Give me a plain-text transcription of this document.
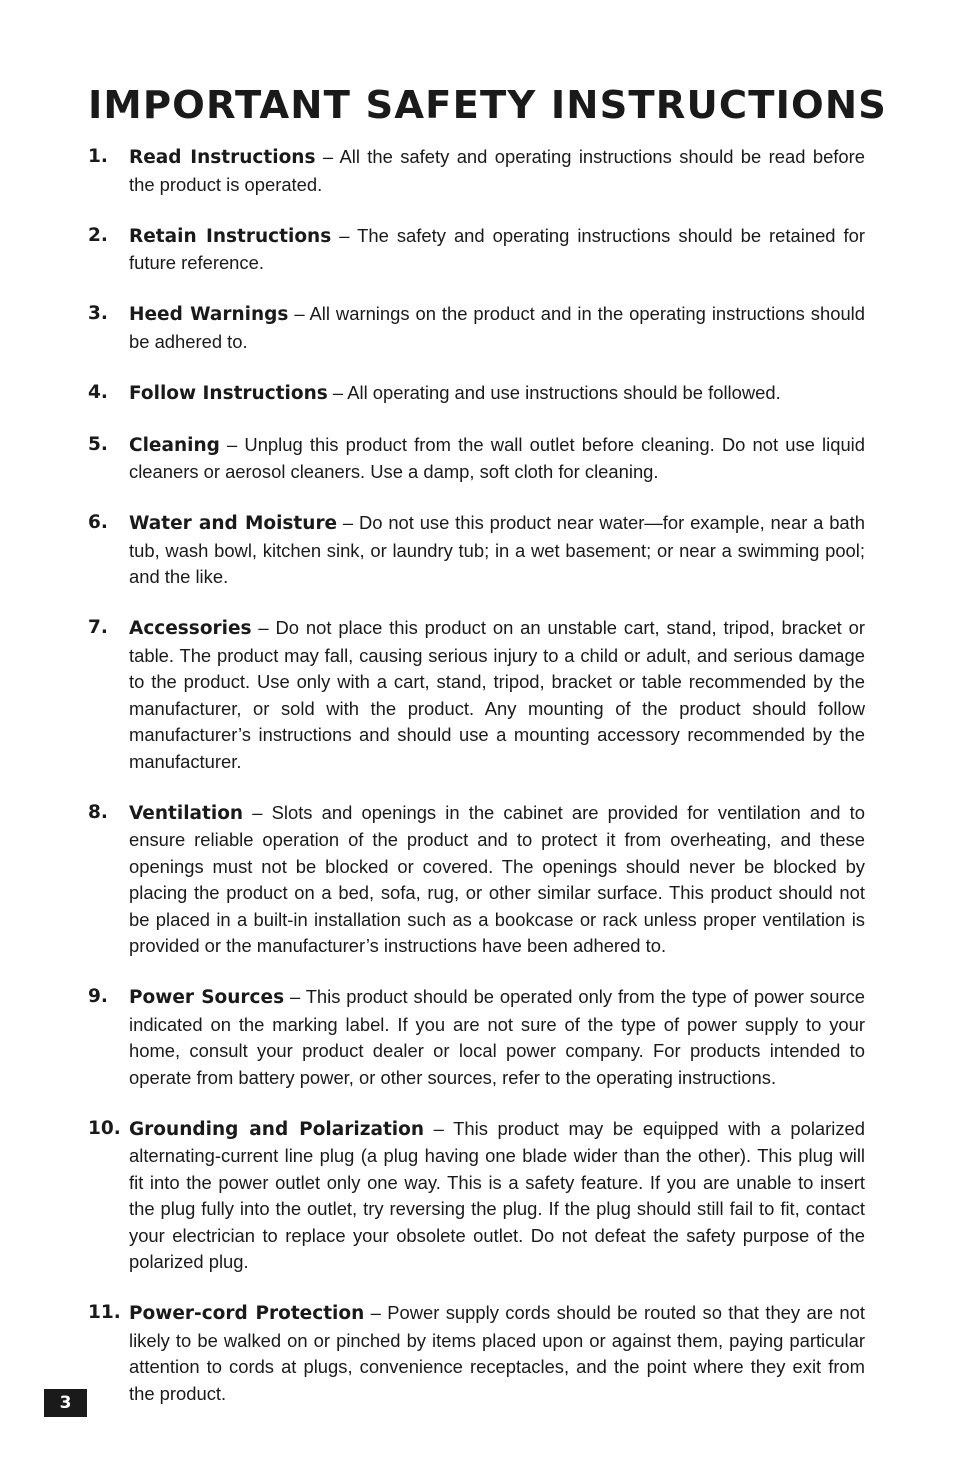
IMPORTANT SAFETY INSTRUCTIONS
1. Read Instructions – All the safety and operating instructions should be read before the product is operated.
2. Retain Instructions – The safety and operating instructions should be retained for future reference.
3. Heed Warnings – All warnings on the product and in the operating instructions should be adhered to.
4. Follow Instructions – All operating and use instructions should be followed.
5. Cleaning – Unplug this product from the wall outlet before cleaning. Do not use liquid cleaners or aerosol cleaners. Use a damp, soft cloth for cleaning.
6. Water and Moisture – Do not use this product near water—for example, near a bath tub, wash bowl, kitchen sink, or laundry tub; in a wet basement; or near a swimming pool; and the like.
7. Accessories – Do not place this product on an unstable cart, stand, tripod, bracket or table. The product may fall, causing serious injury to a child or adult, and serious damage to the product. Use only with a cart, stand, tripod, bracket or table recommended by the manufacturer, or sold with the product. Any mounting of the product should follow manufacturer’s instructions and should use a mounting accessory recommended by the manufacturer.
8. Ventilation – Slots and openings in the cabinet are provided for ventilation and to ensure reliable operation of the product and to protect it from overheating, and these openings must not be blocked or covered. The openings should never be blocked by placing the product on a bed, sofa, rug, or other similar surface. This product should not be placed in a built-in installation such as a bookcase or rack unless proper ventilation is provided or the manufacturer’s instructions have been adhered to.
9. Power Sources – This product should be operated only from the type of power source indicated on the marking label. If you are not sure of the type of power supply to your home, consult your product dealer or local power company. For products intended to operate from battery power, or other sources, refer to the operating instructions.
10. Grounding and Polarization – This product may be equipped with a polarized alternating-current line plug (a plug having one blade wider than the other). This plug will fit into the power outlet only one way. This is a safety feature. If you are unable to insert the plug fully into the outlet, try reversing the plug. If the plug should still fail to fit, contact your electrician to replace your obsolete outlet. Do not defeat the safety purpose of the polarized plug.
11. Power-cord Protection – Power supply cords should be routed so that they are not likely to be walked on or pinched by items placed upon or against them, paying particular attention to cords at plugs, convenience receptacles, and the point where they exit from the product.
3
